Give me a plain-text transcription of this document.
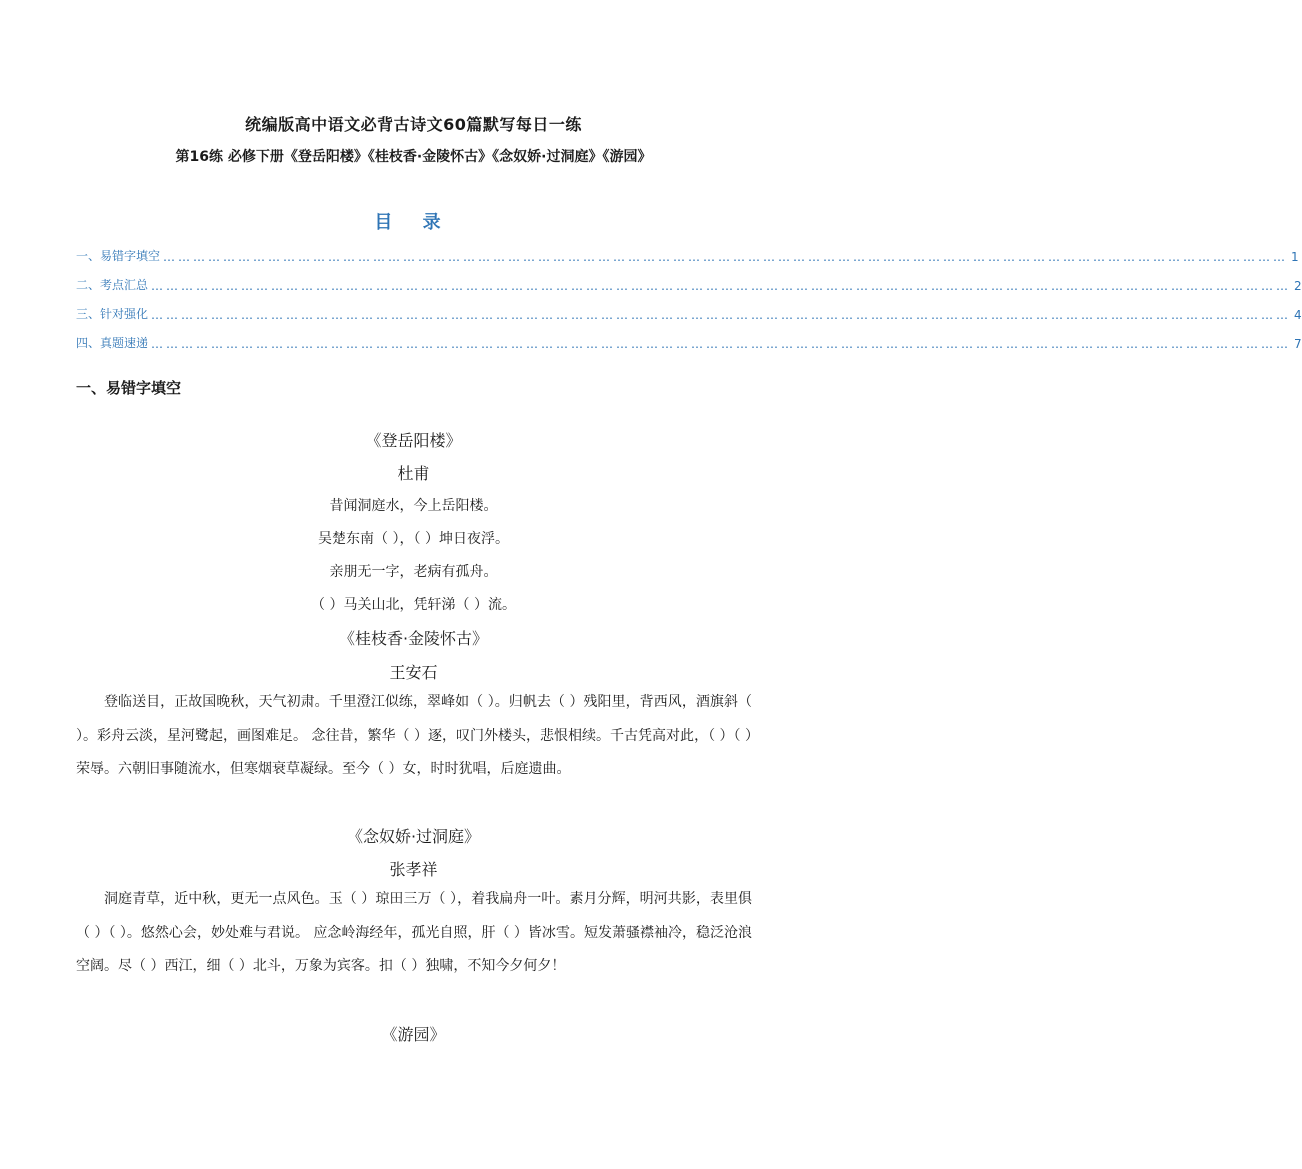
统编版高中语文必背古诗文60篇默写每日一练
第16练 必修下册《登岳阳楼》《桂枝香·金陵怀古》《念奴娇·过洞庭》《游园》
目 录
一、易错字填空 ……………………………………………………………………………………………………………………………………………………………………………………………………… 1
二、考点汇总 ………………………………………………………………………………………………………………………………………………………………………………………………………… 2
三、针对强化 ………………………………………………………………………………………………………………………………………………………………………………………………………… 4
四、真题速递 ………………………………………………………………………………………………………………………………………………………………………………………………………… 7
一、易错字填空
《登岳阳楼》
杜甫
昔闻洞庭水，今上岳阳楼。
吴楚东南（ ），（ ）坤日夜浮。
亲朋无一字，老病有孤舟。
（ ）马关山北，凭轩涕（ ）流。
《桂枝香·金陵怀古》
王安石
登临送目，正故国晚秋，天气初肃。千里澄江似练，翠峰如（ ）。归帆去（ ）残阳里，背西风，酒旗斜（ ）。彩舟云淡，星河鹭起，画图难足。 念往昔，繁华（ ）逐，叹门外楼头，悲恨相续。千古凭高对此，（ ）（ ）荣辱。六朝旧事随流水，但寒烟衰草凝绿。至今（ ）女，时时犹唱，后庭遗曲。
《念奴娇·过洞庭》
张孝祥
洞庭青草，近中秋，更无一点风色。玉（ ）琼田三万（ ），着我扁舟一叶。素月分辉，明河共影，表里俱（ ）（ ）。悠然心会，妙处难与君说。 应念岭海经年，孤光自照，肝（ ）皆冰雪。短发萧骚襟袖冷，稳泛沧浪空阔。尽（ ）西江，细（ ）北斗，万象为宾客。扣（ ）独啸，不知今夕何夕！
《游园》
